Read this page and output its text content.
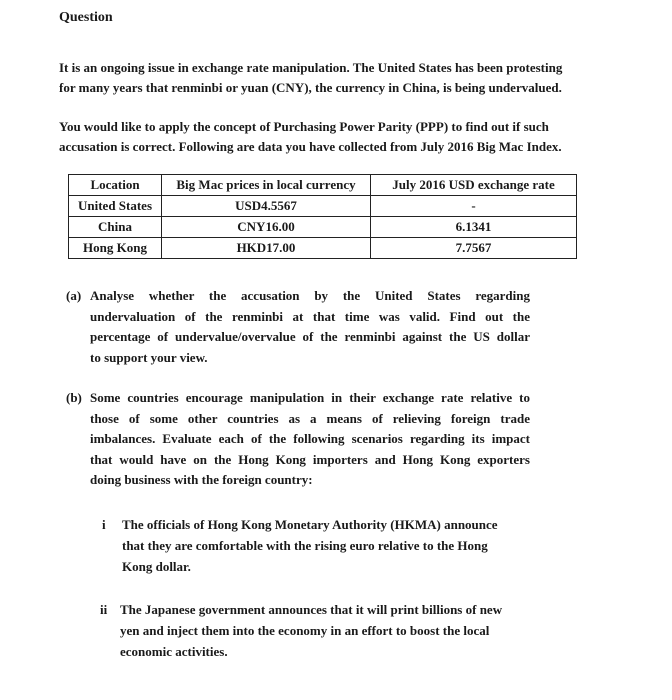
Question
It is an ongoing issue in exchange rate manipulation. The United States has been protesting
for many years that renminbi or yuan (CNY), the currency in China, is being undervalued.
You would like to apply the concept of Purchasing Power Parity (PPP) to find out if such
accusation is correct. Following are data you have collected from July 2016 Big Mac Index.
Location	Big Mac prices in local currency	July 2016 USD exchange rate
United States	USD4.5567	-
China	CNY16.00	6.1341
Hong Kong	HKD17.00	7.7567
(a) Analyse whether the accusation by the United States regarding
undervaluation of the renminbi at that time was valid. Find out the
percentage of undervalue/overvalue of the renminbi against the US dollar
to support your view.
(b) Some countries encourage manipulation in their exchange rate relative to
those of some other countries as a means of relieving foreign trade
imbalances. Evaluate each of the following scenarios regarding its impact
that would have on the Hong Kong importers and Hong Kong exporters
doing business with the foreign country:
i	The officials of Hong Kong Monetary Authority (HKMA) announce
that they are comfortable with the rising euro relative to the Hong
Kong dollar.
ii The Japanese government announces that it will print billions of new
yen and inject them into the economy in an effort to boost the local
economic activities.
